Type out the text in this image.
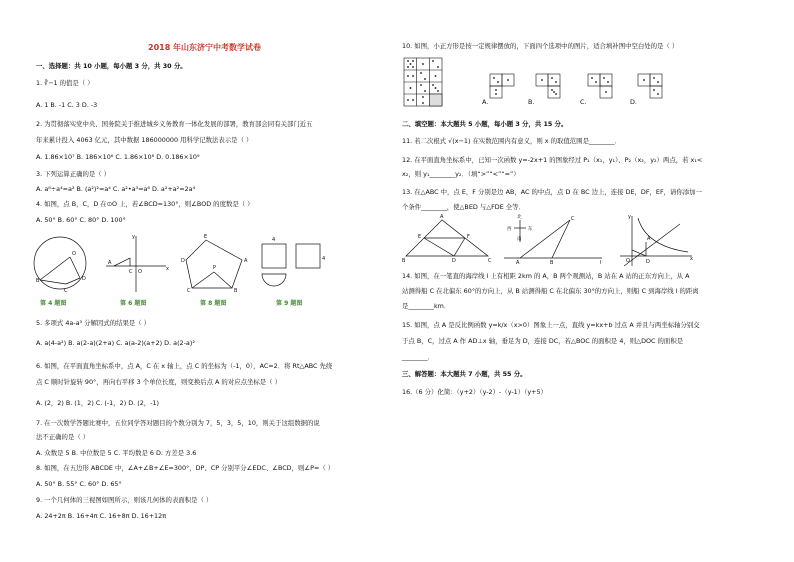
2018 年山东济宁中考数学试卷
一、选择题：共 10 小题，每小题 3 分，共 30 分。
1. ∛−1 的值是（ ）
A. 1 B. -1 C. 3 D. -3
2. 为贯彻落实党中央、国务院关于推进城乡义务教育一体化发展的部署，教育部会同有关部门近五
年来累计投入 4063 亿元，其中数据 186000000 用科学记数法表示是（ ）
A. 1.86×10⁷ B. 186×10⁶ C. 1.86×10⁸ D. 0.186×10⁹
3. 下列运算正确的是（ ）
A. a⁸÷a⁴=a² B. (a²)²=a⁴ C. a²•a³=a⁶ D. a²+a²=2a⁴
4. 如图，点 B，C，D 在⊙O 上，若∠BCD=130°，则∠BOD 的度数是（ ）
A. 50° B. 60° C. 80° D. 100°
O
B	D
C
y
x
A
C O
E
A
D
P
B
C
4
4
第 4 题图	第 6 题图	第 8 题图	第 9 题图
5. 多项式 4a-a³ 分解因式的结果是（ ）
A. a(4-a²) B. a(2-a)(2+a) C. a(a-2)(a+2) D. a(2-a)²
6. 如图，在平面直角坐标系中，点 A，C 在 x 轴上，点 C 的坐标为（-1，0），AC=2．将 Rt△ABC 先绕
点 C 顺时针旋转 90°，再向右平移 3 个单位长度，则变换后点 A 的对应点坐标是（ ）
A. (2，2) B. (1，2) C. (-1，2) D. (2，-1)
7. 在一次数学答题比赛中，五位同学答对题目的个数分别为 7，5，3，5，10，则关于这组数据的说
法不正确的是（ ）
A. 众数是 5 B. 中位数是 5 C. 平均数是 6 D. 方差是 3.6
8. 如图，在五边形 ABCDE 中，∠A+∠B+∠E=300°，DP、CP 分别平分∠EDC、∠BCD，则∠P=（ ）
A. 50° B. 55° C. 60° D. 65°
9. 一个几何体的三视图如图所示，则该几何体的表面积是（ ）
A. 24+2π B. 16+4π C. 16+8π D. 16+12π
10. 如图，小正方形是按一定规律摆放的，下面四个选项中的图片，适合填补图中空白处的是（ ）
A.	B.	C.	D.
二、填空题：本大题共 5 小题，每小题 3 分，共 15 分。
11. 若二次根式 √(x−1) 在实数范围内有意义，则 x 的取值范围是________．
12. 在平面直角坐标系中，已知一次函数 y=-2x+1 的图象经过 P₁（x₁，y₁）、P₂（x₂，y₂）两点，若 x₁<
x₂，则 y₁________y₂．（填“>”“<”“=”）
13. 在△ABC 中，点 E，F 分别是边 AB，AC 的中点，点 D 在 BC 边上，连接 DE，DF，EF，请你添加一
个条件________，使△BED 与△FDE 全等．
A
B	C
D
E	F
北
西	东
南
C
A	B	l
y
x
A
O	D
14. 如图，在一笔直的海岸线 l 上有相距 2km 的 A，B 两个观测站，B 站在 A 站的正东方向上，从 A
站测得船 C 在北偏东 60°的方向上，从 B 站测得船 C 在北偏东 30°的方向上，则船 C 到海岸线 l 的距离
是________km．
15. 如图，点 A 是反比例函数 y=k/x（x>0）图象上一点，直线 y=kx+b 过点 A 并且与两坐标轴分别交
于点 B，C，过点 A 作 AD⊥x 轴，垂足为 D，连接 DC，若△BOC 的面积是 4，则△DOC 的面积是
________．
三、解答题：本大题共 7 小题，共 55 分。
16.（6 分）化简：（y+2）（y-2）-（y-1）（y+5）
